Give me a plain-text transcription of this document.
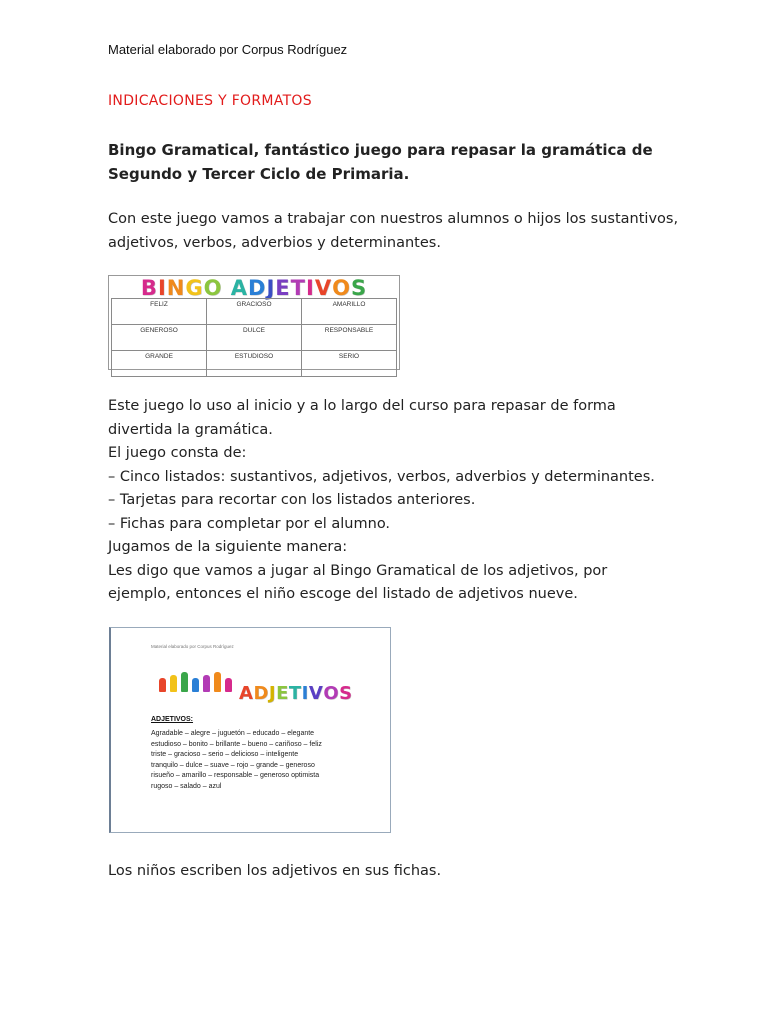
Material elaborado por Corpus Rodríguez
INDICACIONES Y FORMATOS
Bingo Gramatical, fantástico juego para repasar la gramática de Segundo y Tercer Ciclo de Primaria.
Con este juego vamos a trabajar con nuestros alumnos o hijos los sustantivos, adjetivos, verbos, adverbios y determinantes.
BINGO ADJETIVOS
FELIZ	GRACIOSO	AMARILLO
GENEROSO	DULCE	RESPONSABLE
GRANDE	ESTUDIOSO	SERIO
Este juego lo uso al inicio y a lo largo del curso para repasar de forma
divertida la gramática.
El juego consta de:
– Cinco listados: sustantivos, adjetivos, verbos, adverbios y determinantes.
– Tarjetas para recortar con los listados anteriores.
– Fichas para completar por el alumno.
Jugamos de la siguiente manera:
Les digo que vamos a jugar al Bingo Gramatical de los adjetivos, por
ejemplo, entonces el niño escoge del listado de adjetivos nueve.
Material elaborado por Corpus Rodríguez
ADJETIVOS
ADJETIVOS:
Agradable – alegre – juguetón – educado – elegante
estudioso – bonito – brillante – bueno – cariñoso – feliz
triste – gracioso – serio – delicioso – inteligente
tranquilo – dulce – suave – rojo – grande – generoso
risueño – amarillo – responsable – generoso optimista
rugoso – salado – azul
Los niños escriben los adjetivos en sus fichas.
